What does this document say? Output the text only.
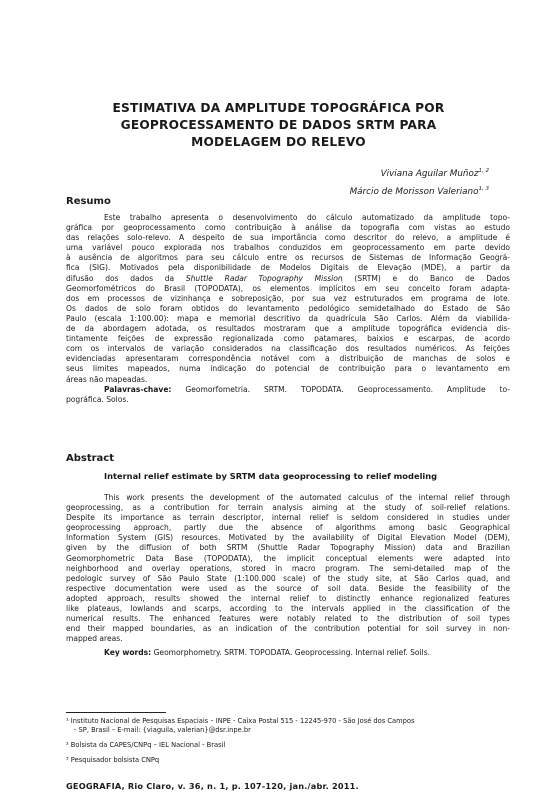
ESTIMATIVA DA AMPLITUDE TOPOGRÁFICA POR
GEOPROCESSAMENTO DE DADOS SRTM PARA
MODELAGEM DO RELEVO
Viviana Aguilar Muñoz$^{1, 2}$
Márcio de Morisson Valeriano$^{1, 3}$
Resumo
Este trabalho apresenta o desenvolvimento do cálculo automatizado da amplitude topo-
gráfica por geoprocessamento como contribuição à análise da topografia com vistas ao estudo
das relações solo-relevo. A despeito de sua importância como descritor do relevo, a amplitude é
uma variável pouco explorada nos trabalhos conduzidos em geoprocessamento em parte devido
à ausência de algoritmos para seu cálculo entre os recursos de Sistemas de Informação Geográ-
fica (SIG). Motivados pela disponibilidade de Modelos Digitais de Elevação (MDE), a partir da
difusão dos dados da Shuttle Radar Topography Mission (SRTM) e do Banco de Dados
Geomorfométricos do Brasil (TOPODATA), os elementos implícitos em seu conceito foram adapta-
dos em processos de vizinhança e sobreposição, por sua vez estruturados em programa de lote.
Os dados de solo foram obtidos do levantamento pedológico semidetalhado do Estado de São
Paulo (escala 1:100.00): mapa e memorial descritivo da quadrícula São Carlos. Além da viabilida-
de da abordagem adotada, os resultados mostraram que a amplitude topográfica evidencia dis-
tintamente feições de expressão regionalizada como patamares, baixios e escarpas, de acordo
com os intervalos de variação considerados na classificação dos resultados numéricos. As feições
evidenciadas apresentaram correspondência notável com a distribuição de manchas de solos e
seus limites mapeados, numa indicação do potencial de contribuição para o levantamento em
áreas não mapeadas.
Palavras-chave: Geomorfometria. SRTM. TOPODATA. Geoprocessamento. Amplitude to-
pográfica. Solos.
Abstract
Internal relief estimate by SRTM data geoprocessing to relief modeling
This work presents the development of the automated calculus of the internal relief through
geoprocessing, as a contribution for terrain analysis aiming at the study of soil-relief relations.
Despite its importance as terrain descriptor, internal relief is seldom considered in studies under
geoprocessing approach, partly due the absence of algorithms among basic Geographical
Information System (GIS) resources. Motivated by the availability of Digital Elevation Model (DEM),
given by the diffusion of both SRTM (Shuttle Radar Topography Mission) data and Brazilian
Geomorphometric Data Base (TOPODATA), the implicit conceptual elements were adapted into
neighborhood and overlay operations, stored in macro program. The semi-detailed map of the
pedologic survey of São Paulo State (1:100.000 scale) of the study site, at São Carlos quad, and
respective documentation were used as the source of soil data. Beside the feasibility of the
adopted approach, results showed the internal relief to distinctly enhance regionalized features
like plateaus, lowlands and scarps, according to the intervals applied in the classification of the
numerical results. The enhanced features were notably related to the distribution of soil types
end their mapped boundaries, as an indication of the contribution potential for soil survey in non-
mapped areas.
Key words: Geomorphometry. SRTM. TOPODATA. Geoprocessing. Internal relief. Soils.
¹ Instituto Nacional de Pesquisas Espaciais – INPE - Caixa Postal 515 - 12245-970 - São José dos Campos
- SP, Brasil – E-mail: {viaguila, valerian}@dsr.inpe.br
² Bolsista da CAPES/CNPq – IEL Nacional - Brasil
GEOGRAFIA, Rio Claro, v. 36, n. 1, p. 107-120, jan./abr. 2011.
³ Pesquisador bolsista CNPq
